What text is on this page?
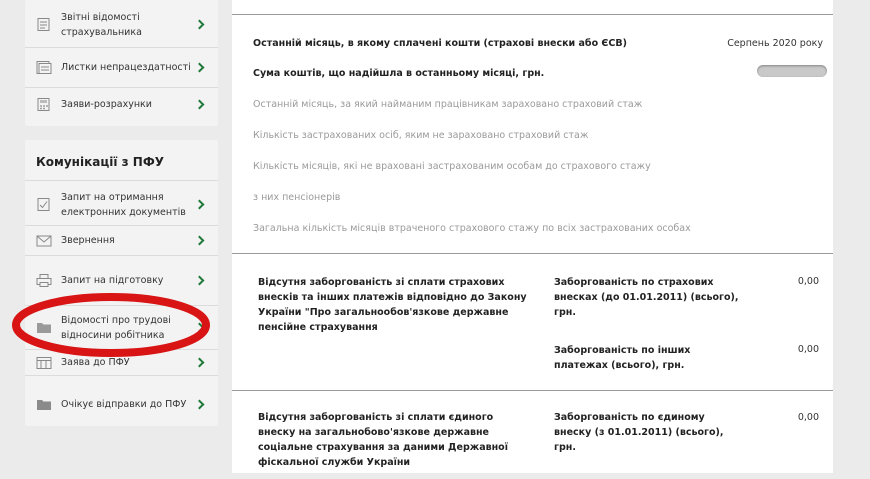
Звітні відомості страхувальника
Листки непрацездатності
Заяви-розрахунки
Комунікації з ПФУ
Запит на отримання електронних документів
Звернення
Запит на підготовку
Відомості про трудові відносини робітника
Заява до ПФУ
Очікує відправки до ПФУ
Останній місяць, в якому сплачені кошти (страхові внески або ЄСВ)	Серпень 2020 року
Сума коштів, що надійшла в останньому місяці, грн.
Останній місяць, за який найманим працівникам зараховано страховий стаж
Кількість застрахованих осіб, яким не зараховано страховий стаж
Кількість місяців, які не враховані застрахованим особам до страхового стажу
з них пенсіонерів
Загальна кількість місяців втраченого страхового стажу по всіх застрахованих особах
Відсутня заборгованість зі сплати страхових внесків та інших платежів відповідно до Закону України "Про загальнообов'язкове державне пенсійне страхування
Заборгованість по страхових внесках (до 01.01.2011) (всього), грн.
0,00
Заборгованість по інших платежах (всього), грн.
0,00
Відсутня заборгованість зі сплати єдиного внеску на загальнобово'язкове державне соціальне страхування за даними Державної фіскальної служби України
Заборгованість по єдиному внеску (з 01.01.2011) (всього), грн.
0,00
